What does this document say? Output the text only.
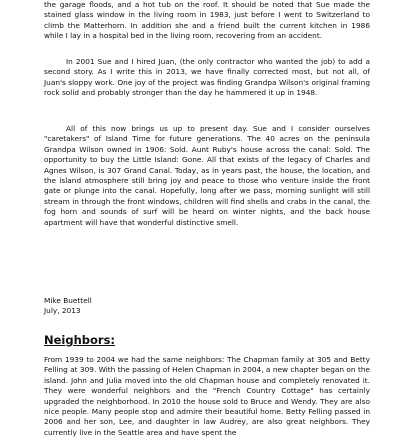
the garage floods, and a hot tub on the roof. It should be noted that Sue made the stained glass window in the living room in 1983, just before I went to Switzerland to climb the Matterhorn. In addition she and a friend built the current kitchen in 1986 while I lay in a hospital bed in the living room, recovering from an accident.

In 2001 Sue and I hired Juan, (the only contractor who wanted the job) to add a second story. As I write this in 2013, we have finally corrected most, but not all, of Juan's sloppy work. One joy of the project was finding Grandpa Wilson's original framing rock solid and probably stronger than the day he hammered it up in 1948.

All of this now brings us up to present day. Sue and I consider ourselves "caretakers" of Island Time for future generations. The 40 acres on the peninsula Grandpa Wilson owned in 1906: Sold. Aunt Ruby's house across the canal: Sold. The opportunity to buy the Little Island: Gone. All that exists of the legacy of Charles and Agnes Wilson, is 307 Grand Canal. Today, as in years past, the house, the location, and the island atmosphere still bring joy and peace to those who venture inside the front gate or plunge into the canal. Hopefully, long after we pass, morning sunlight will still stream in through the front windows, children will find shells and crabs in the canal, the fog horn and sounds of surf will be heard on winter nights, and the back house apartment will have that wonderful distinctive smell.

Mike Buettell

July, 2013

Neighbors:

From 1939 to 2004 we had the same neighbors: The Chapman family at 305 and Betty Felling at 309. With the passing of Helen Chapman in 2004, a new chapter began on the island. John and Julia moved into the old Chapman house and completely renovated it. They were wonderful neighbors and the "French Country Cottage" has certainly upgraded the neighborhood. In 2010 the house sold to Bruce and Wendy. They are also nice people. Many people stop and admire their beautiful home. Betty Felling passed in 2006 and her son, Lee, and daughter in law Audrey, are also great neighbors. They currently live in the Seattle area and have spent the
